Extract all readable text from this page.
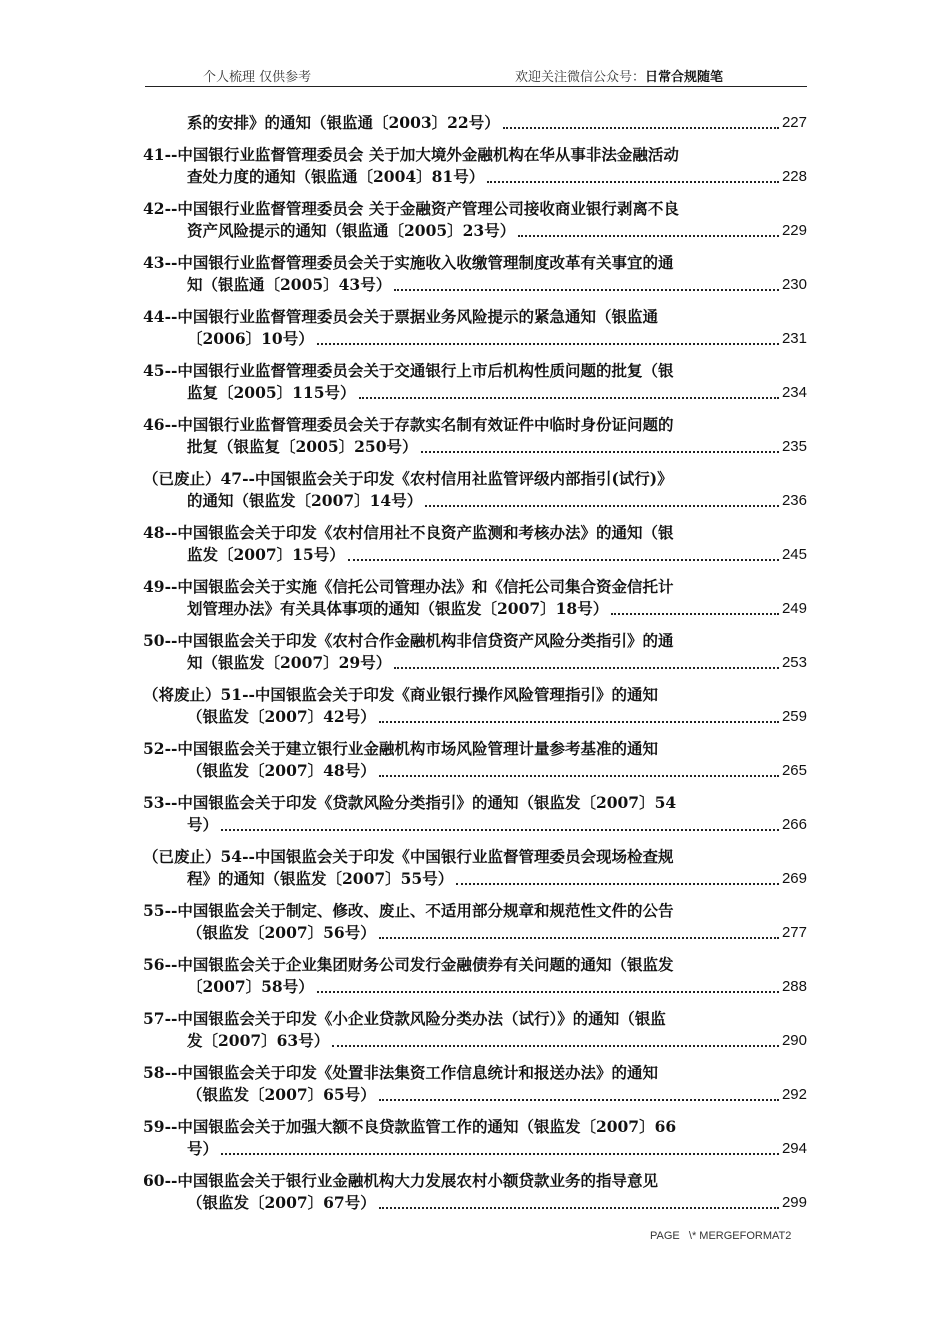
个人梳理 仅供参考	欢迎关注微信公众号：日常合规随笔
系的安排》的通知（银监通〔2003〕22号）	227
41--中国银行业监督管理委员会 关于加大境外金融机构在华从事非法金融活动
查处力度的通知（银监通〔2004〕81号）	228
42--中国银行业监督管理委员会 关于金融资产管理公司接收商业银行剥离不良
资产风险提示的通知（银监通〔2005〕23号）	229
43--中国银行业监督管理委员会关于实施收入收缴管理制度改革有关事宜的通
知（银监通〔2005〕43号）	230
44--中国银行业监督管理委员会关于票据业务风险提示的紧急通知（银监通
〔2006〕10号）	231
45--中国银行业监督管理委员会关于交通银行上市后机构性质问题的批复（银
监复〔2005〕115号）	234
46--中国银行业监督管理委员会关于存款实名制有效证件中临时身份证问题的
批复（银监复〔2005〕250号）	235
（已废止）47--中国银监会关于印发《农村信用社监管评级内部指引(试行)》
的通知（银监发〔2007〕14号）	236
48--中国银监会关于印发《农村信用社不良资产监测和考核办法》的通知（银
监发〔2007〕15号）	245
49--中国银监会关于实施《信托公司管理办法》和《信托公司集合资金信托计
划管理办法》有关具体事项的通知（银监发〔2007〕18号）	249
50--中国银监会关于印发《农村合作金融机构非信贷资产风险分类指引》的通
知（银监发〔2007〕29号）	253
（将废止）51--中国银监会关于印发《商业银行操作风险管理指引》的通知
（银监发〔2007〕42号）	259
52--中国银监会关于建立银行业金融机构市场风险管理计量参考基准的通知
（银监发〔2007〕48号）	265
53--中国银监会关于印发《贷款风险分类指引》的通知（银监发〔2007〕54
号）	266
（已废止）54--中国银监会关于印发《中国银行业监督管理委员会现场检查规
程》的通知（银监发〔2007〕55号）	269
55--中国银监会关于制定、修改、废止、不适用部分规章和规范性文件的公告
（银监发〔2007〕56号）	277
56--中国银监会关于企业集团财务公司发行金融债券有关问题的通知（银监发
〔2007〕58号）	288
57--中国银监会关于印发《小企业贷款风险分类办法（试行）》的通知（银监
发〔2007〕63号）	290
58--中国银监会关于印发《处置非法集资工作信息统计和报送办法》的通知
（银监发〔2007〕65号）	292
59--中国银监会关于加强大额不良贷款监管工作的通知（银监发〔2007〕66
号）	294
60--中国银监会关于银行业金融机构大力发展农村小额贷款业务的指导意见
（银监发〔2007〕67号）	299
PAGE   \* MERGEFORMAT2
